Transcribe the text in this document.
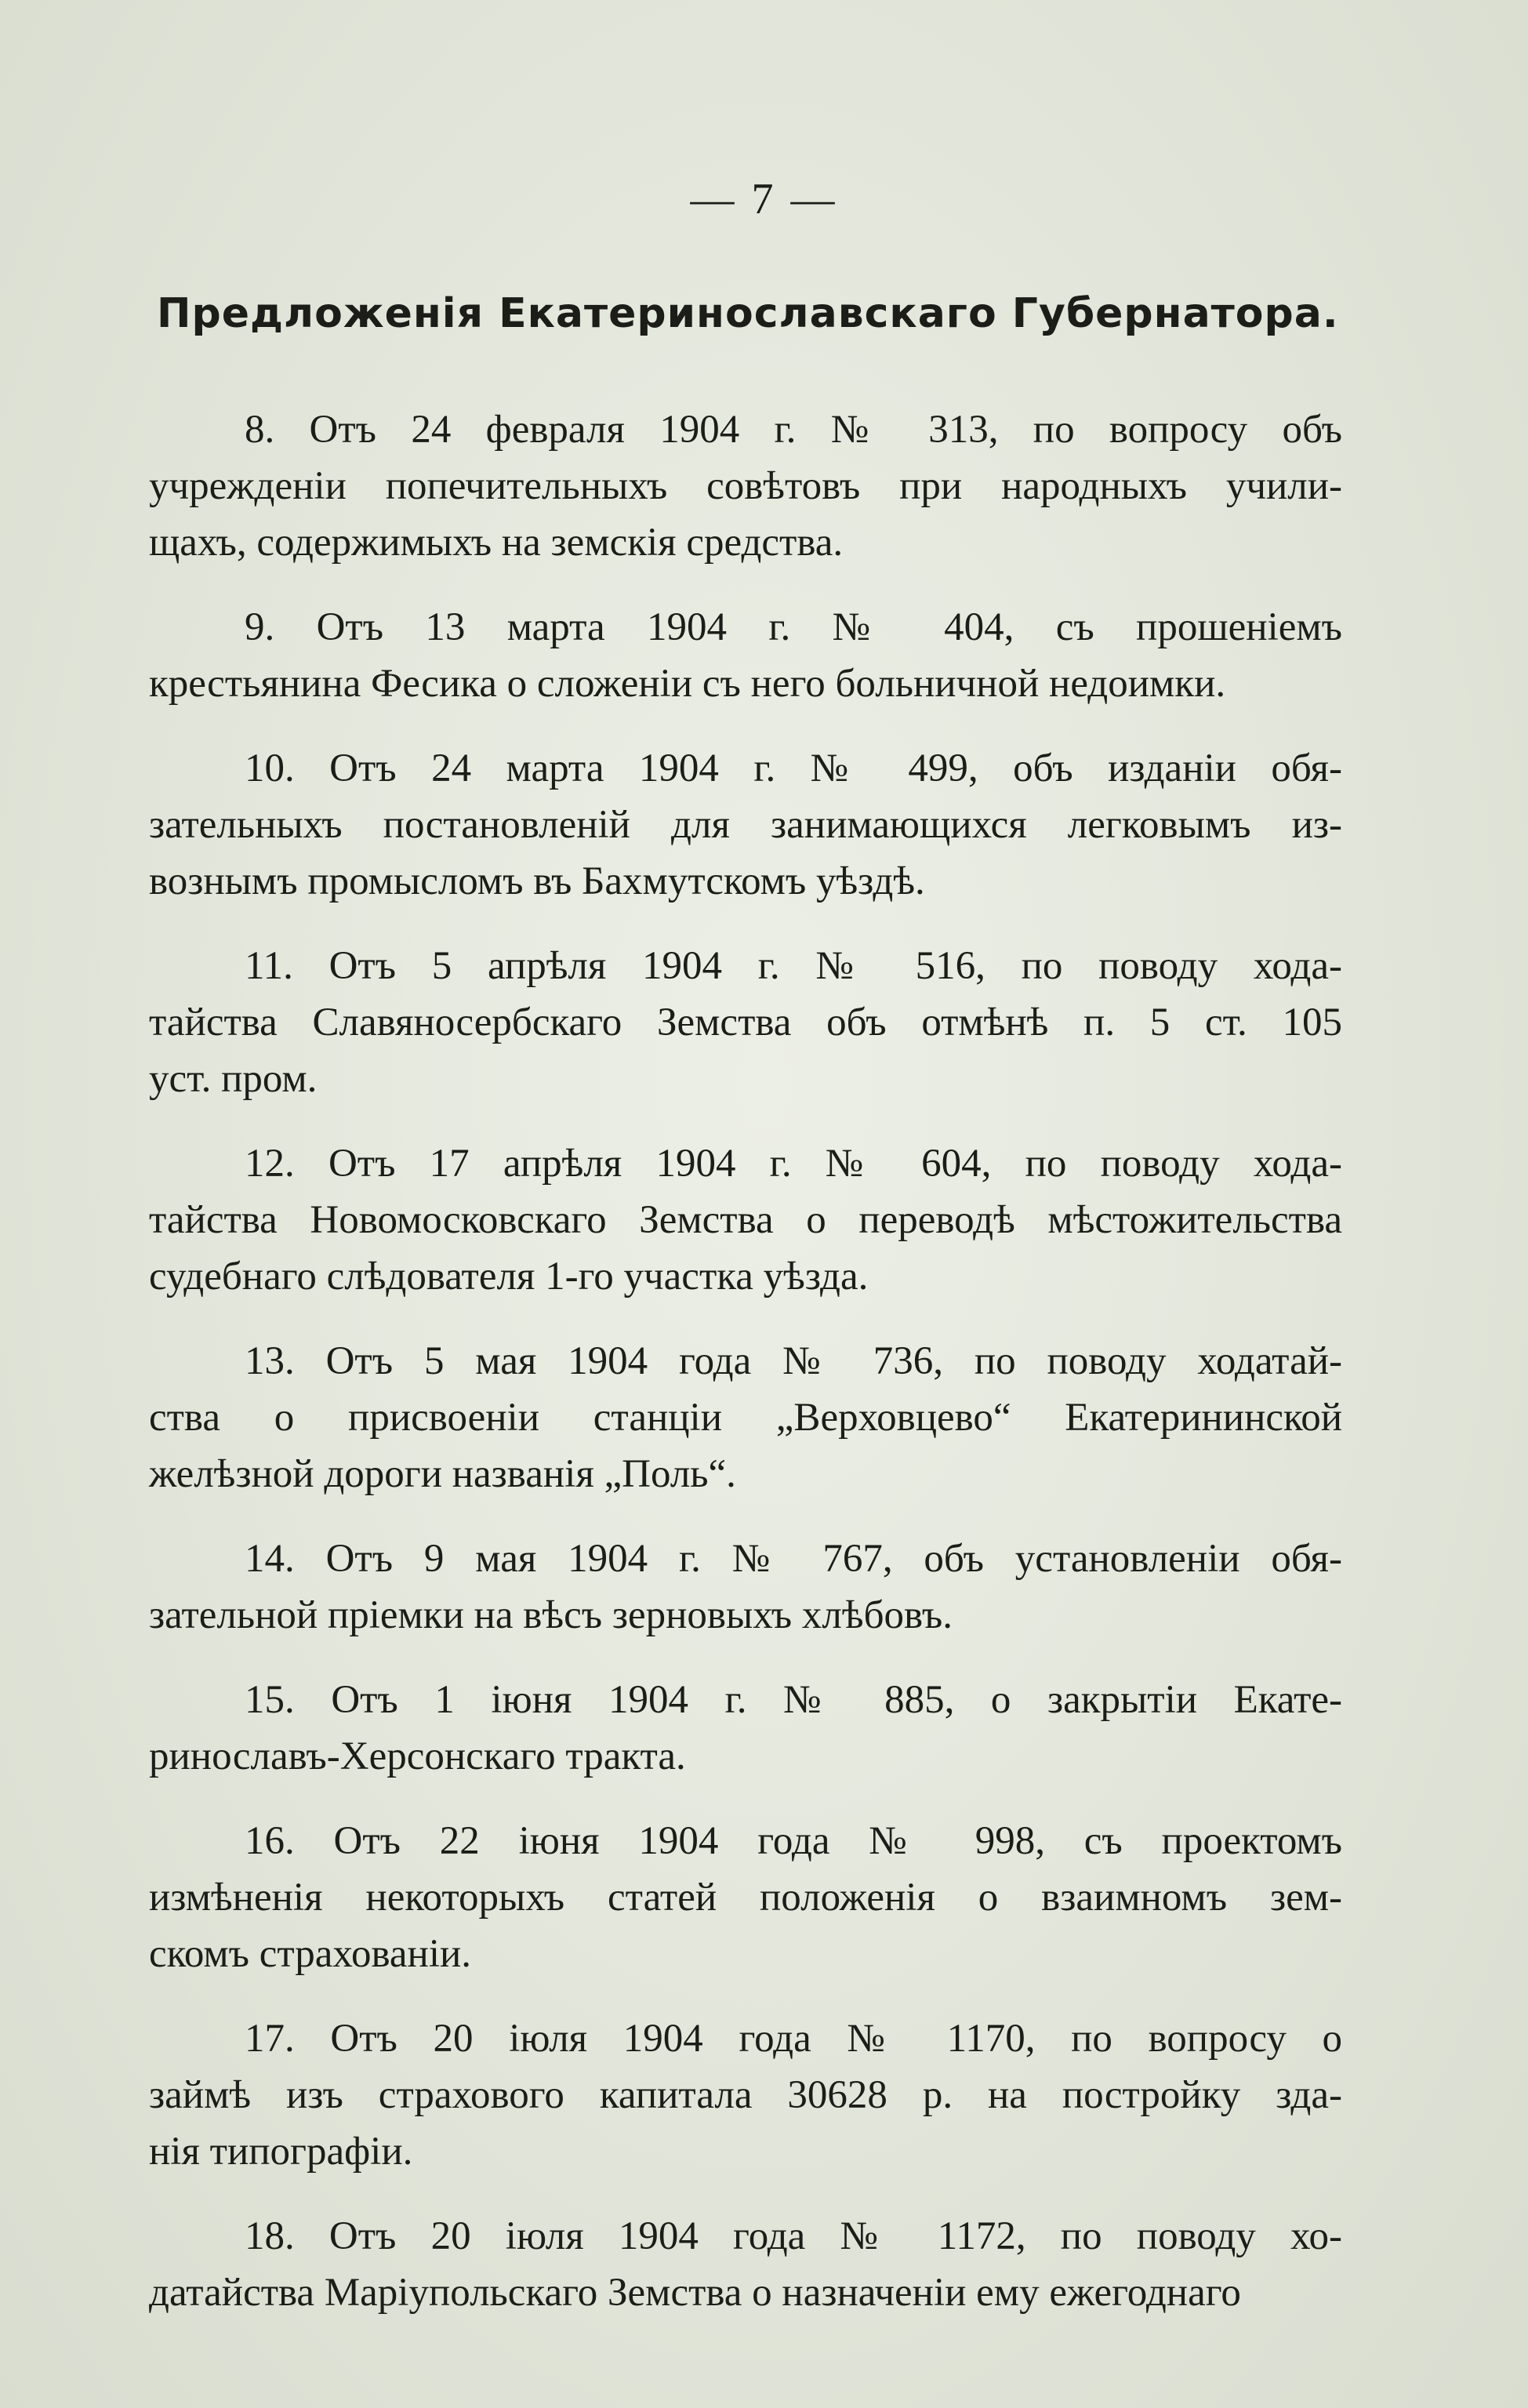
— 7 —
Предложенія Екатеринославскаго Губернатора.
8. Отъ 24 февраля 1904 г. № 313, по вопросу объ
учрежденіи попечительныхъ совѣтовъ при народныхъ учили-
щахъ, содержимыхъ на земскія средства.
9. Отъ 13 марта 1904 г. № 404, съ прошеніемъ
крестьянина Фесика о сложеніи съ него больничной недоимки.
10. Отъ 24 марта 1904 г. № 499, объ изданіи обя-
зательныхъ постановленій для занимающихся легковымъ из-
вознымъ промысломъ въ Бахмутскомъ уѣздѣ.
11. Отъ 5 апрѣля 1904 г. № 516, по поводу хода-
тайства Славяносербскаго Земства объ отмѣнѣ п. 5 ст. 105
уст. пром.
12. Отъ 17 апрѣля 1904 г. № 604, по поводу хода-
тайства Новомосковскаго Земства о переводѣ мѣстожительства
судебнаго слѣдователя 1-го участка уѣзда.
13. Отъ 5 мая 1904 года № 736, по поводу ходатай-
ства о присвоеніи станціи „Верховцево“ Екатерининской
желѣзной дороги названія „Поль“.
14. Отъ 9 мая 1904 г. № 767, объ установленіи обя-
зательной пріемки на вѣсъ зерновыхъ хлѣбовъ.
15. Отъ 1 іюня 1904 г. № 885, о закрытіи Екате-
ринославъ-Херсонскаго тракта.
16. Отъ 22 іюня 1904 года № 998, съ проектомъ
измѣненія некоторыхъ статей положенія о взаимномъ зем-
скомъ страхованіи.
17. Отъ 20 іюля 1904 года № 1170, по вопросу о
займѣ изъ страхового капитала 30628 р. на постройку зда-
нія типографіи.
18. Отъ 20 іюля 1904 года № 1172, по поводу хо-
датайства Маріупольскаго Земства о назначеніи ему ежегоднаго
